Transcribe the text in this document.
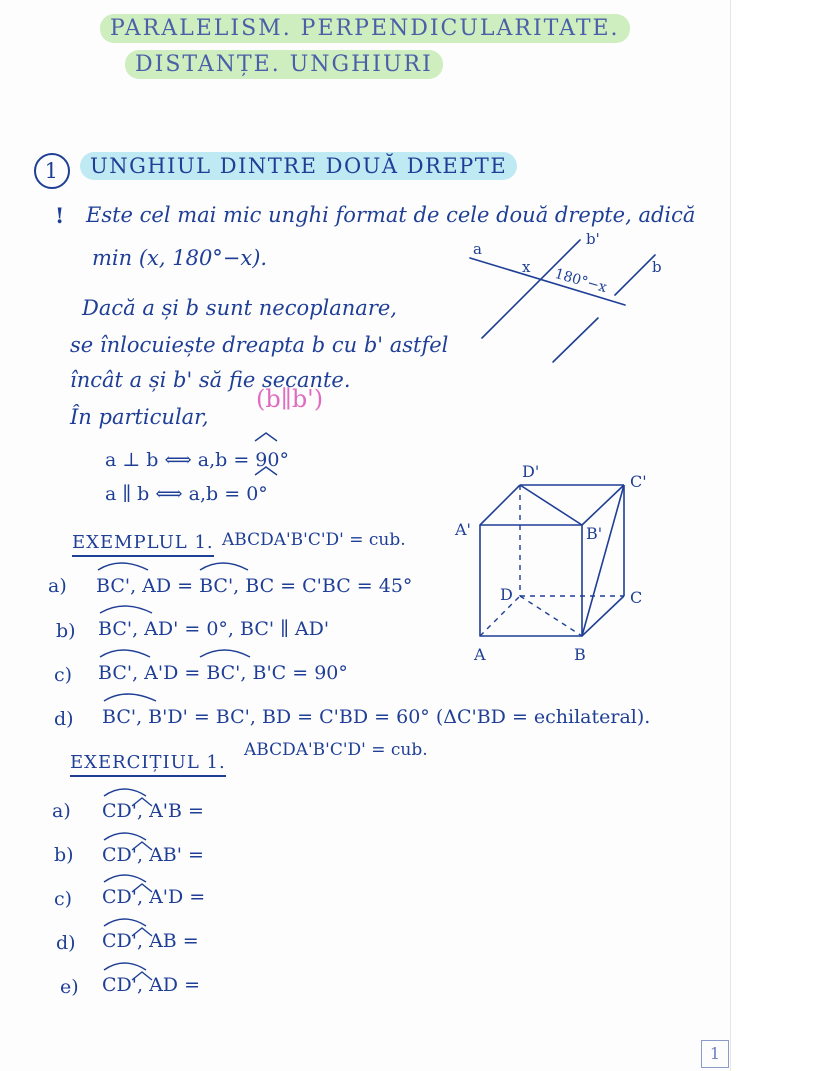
PARALELISM. PERPENDICULARITATE.
DISTANȚE. UNGHIURI
1	UNGHIUL DINTRE DOUĂ DREPTE
! Este cel mai mic unghi format de cele două drepte, adică
min (x, 180°−x).	a
b'
b
x 180°−x
Dacă a și b sunt necoplanare,
se înlocuiește dreapta b cu b' astfel
încât a și b' să fie secante.
(b∥b')
În particular,
a ⊥ b ⟺ a,b = 90°
a ∥ b ⟺ a,b = 0°
EXEMPLUL 1. ABCDA'B'C'D' = cub.
a) BC', AD = BC', BC = C'BC = 45°
b) BC', AD' = 0°, BC' ∥ AD'
c) BC', A'D = BC', B'C = 90°
d) BC', B'D' = BC', BD = C'BD = 60° (ΔC'BD = echilateral).
A	B
C
D
A'	B'
C'
D'
EXERCIȚIUL 1.
ABCDA'B'C'D' = cub.
a) CD', A'B =
b) CD', AB' =
c) CD', A'D =
d) CD', AB =
e) CD', AD =
1
